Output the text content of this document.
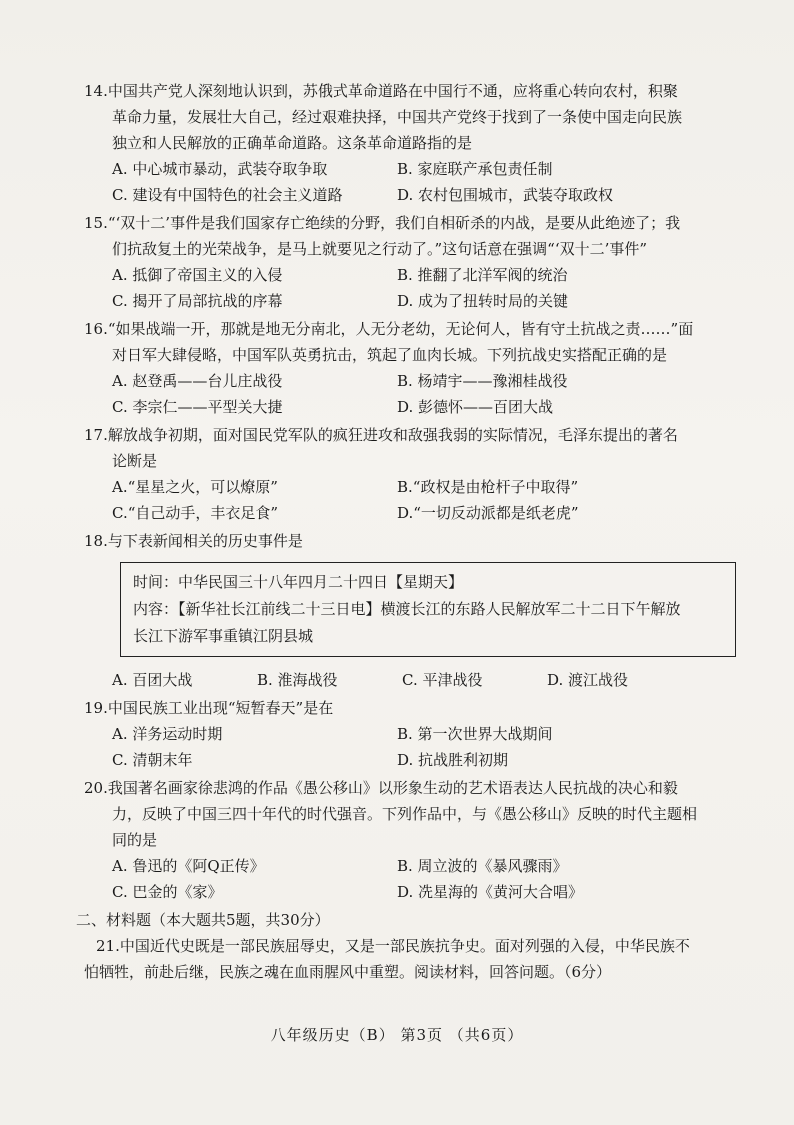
14.中国共产党人深刻地认识到，苏俄式革命道路在中国行不通，应将重心转向农村，积聚
革命力量，发展壮大自己，经过艰难抉择，中国共产党终于找到了一条使中国走向民族
独立和人民解放的正确革命道路。这条革命道路指的是
A. 中心城市暴动，武装夺取争取	B. 家庭联产承包责任制
C. 建设有中国特色的社会主义道路	D. 农村包围城市，武装夺取政权
15.“‘双十二’事件是我们国家存亡绝续的分野，我们自相斫杀的内战，是要从此绝迹了；我
们抗敌复土的光荣战争，是马上就要见之行动了。”这句话意在强调“‘双十二’事件”
A. 抵御了帝国主义的入侵	B. 推翻了北洋军阀的统治
C. 揭开了局部抗战的序幕	D. 成为了扭转时局的关键
16.“如果战端一开，那就是地无分南北，人无分老幼，无论何人，皆有守土抗战之责……”面
对日军大肆侵略，中国军队英勇抗击，筑起了血肉长城。下列抗战史实搭配正确的是
A. 赵登禹——台儿庄战役	B. 杨靖宇——豫湘桂战役
C. 李宗仁——平型关大捷	D. 彭德怀——百团大战
17.解放战争初期，面对国民党军队的疯狂进攻和敌强我弱的实际情况，毛泽东提出的著名
论断是
A.“星星之火，可以燎原”	B.“政权是由枪杆子中取得”
C.“自己动手，丰衣足食”	D.“一切反动派都是纸老虎”
18.与下表新闻相关的历史事件是
时间：中华民国三十八年四月二十四日【星期天】
内容：【新华社长江前线二十三日电】横渡长江的东路人民解放军二十二日下午解放
长江下游军事重镇江阴县城
A. 百团大战	B. 淮海战役	C. 平津战役	D. 渡江战役
19.中国民族工业出现“短暂春天”是在
A. 洋务运动时期	B. 第一次世界大战期间
C. 清朝末年	D. 抗战胜利初期
20.我国著名画家徐悲鸿的作品《愚公移山》以形象生动的艺术语表达人民抗战的决心和毅
力，反映了中国三四十年代的时代强音。下列作品中，与《愚公移山》反映的时代主题相
同的是
A. 鲁迅的《阿Q正传》	B. 周立波的《暴风骤雨》
C. 巴金的《家》	D. 冼星海的《黄河大合唱》
二、材料题（本大题共5题，共30分）
21.中国近代史既是一部民族屈辱史，又是一部民族抗争史。面对列强的入侵，中华民族不
怕牺牲，前赴后继，民族之魂在血雨腥风中重塑。阅读材料，回答问题。（6分）
八年级历史（B） 第3页 （共6页）
